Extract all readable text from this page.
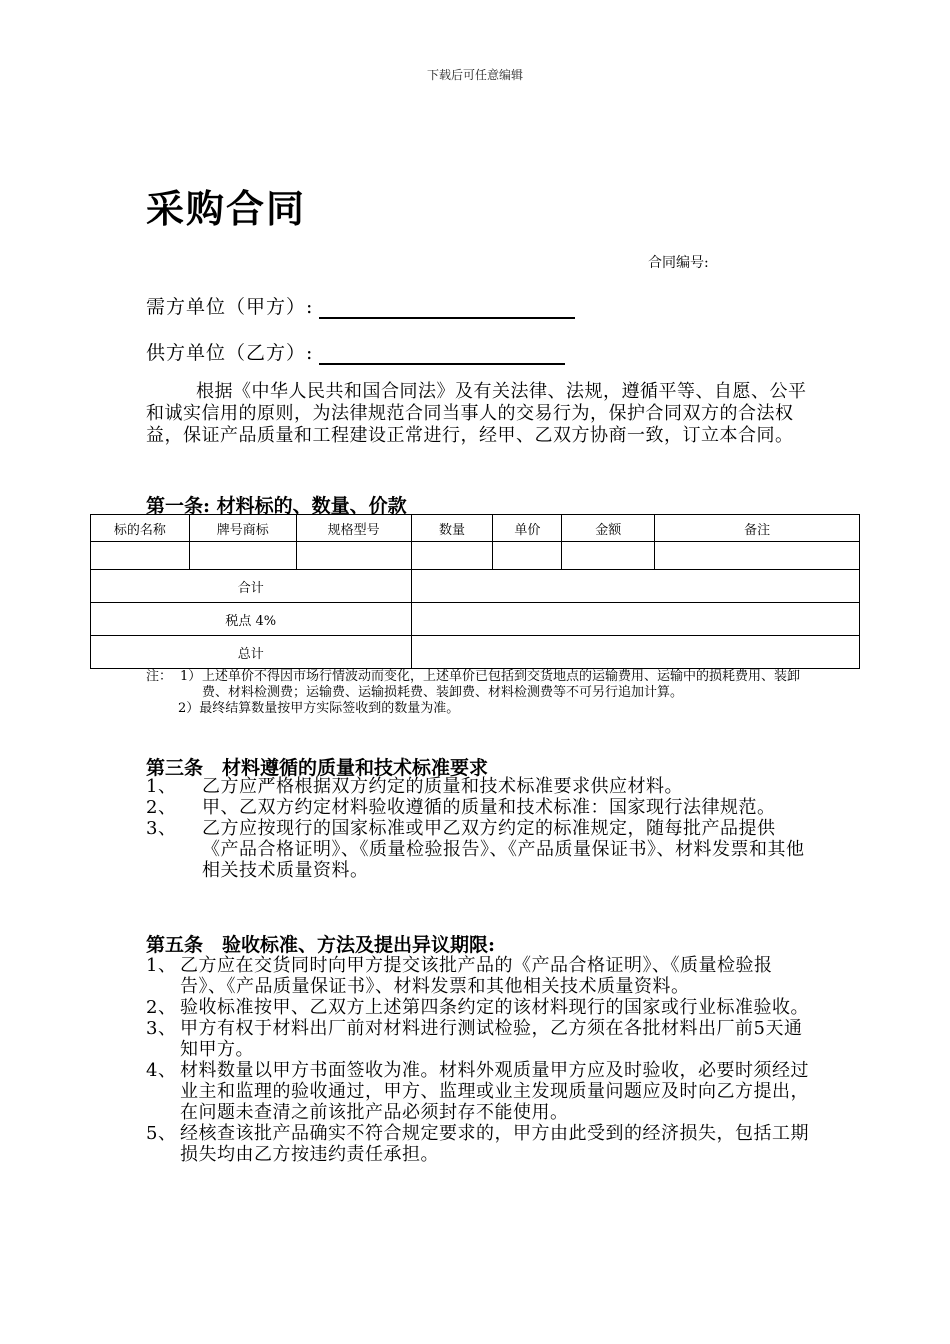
下载后可任意编辑
采购合同
合同编号:
需方单位（甲方）:
供方单位（乙方）:
根据《中华人民共和国合同法》及有关法律、法规，遵循平等、自愿、公平和诚实信用的原则，为法律规范合同当事人的交易行为，保护合同双方的合法权益，保证产品质量和工程建设正常进行，经甲、乙双方协商一致，订立本合同。
第一条: 材料标的、数量、价款
标的名称	牌号商标	规格型号	数量	单价	金额	备注

合计						
税点 4%						
总计						
注： 1） 上述单价不得因市场行情波动而变化，上述单价已包括到交货地点的运输费用、运输中的损耗费用、装卸费、材料检测费；运输费、运输损耗费、装卸费、材料检测费等不可另行追加计算。
2）最终结算数量按甲方实际签收到的数量为准。
第三条　材料遵循的质量和技术标准要求
1、	乙方应严格根据双方约定的质量和技术标准要求供应材料。
2、	甲、乙双方约定材料验收遵循的质量和技术标准：国家现行法律规范。
3、	乙方应按现行的国家标准或甲乙双方约定的标准规定，随每批产品提供《产品合格证明》、《质量检验报告》、《产品质量保证书》、材料发票和其他相关技术质量资料。
第五条　验收标准、方法及提出异议期限:
1、 乙方应在交货同时向甲方提交该批产品的《产品合格证明》、《质量检验报告》、《产品质量保证书》、材料发票和其他相关技术质量资料。
2、 验收标准按甲、乙双方上述第四条约定的该材料现行的国家或行业标准验收。
3、 甲方有权于材料出厂前对材料进行测试检验，乙方须在各批材料出厂前5天通知甲方。
4、 材料数量以甲方书面签收为准。材料外观质量甲方应及时验收，必要时须经过业主和监理的验收通过，甲方、监理或业主发现质量问题应及时向乙方提出，在问题未查清之前该批产品必须封存不能使用。
5、 经核查该批产品确实不符合规定要求的，甲方由此受到的经济损失，包括工期损失均由乙方按违约责任承担。
